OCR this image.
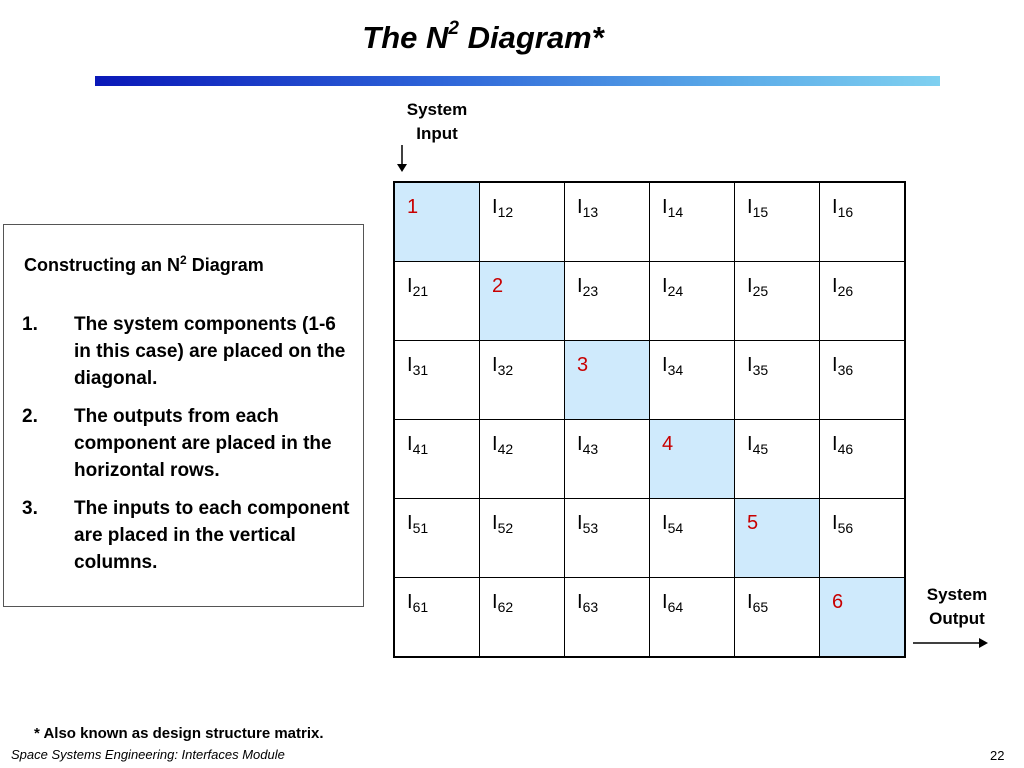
The $N^2$ Diagram*
System
Input
Constructing an $N^2$ Diagram
1.	The system components (1-6 in this case) are placed on the diagonal.
2.	The outputs from each component are placed in the horizontal rows.
3.	The inputs to each component are placed in the vertical columns.
1	$I_{12}$	$I_{13}$	$I_{14}$	$I_{15}$	$I_{16}$

$I_{21}$	2	$I_{23}$	$I_{24}$	$I_{25}$	$I_{26}$

$I_{31}$	$I_{32}$	3	$I_{34}$	$I_{35}$	$I_{36}$

$I_{41}$	$I_{42}$	$I_{43}$	4	$I_{45}$	$I_{46}$

$I_{51}$	$I_{52}$	$I_{53}$	$I_{54}$	5	$I_{56}$

$I_{61}$	$I_{62}$	$I_{63}$	$I_{64}$	$I_{65}$	6	System
Output
* Also known as design structure matrix.
Space Systems Engineering: Interfaces Module	22
